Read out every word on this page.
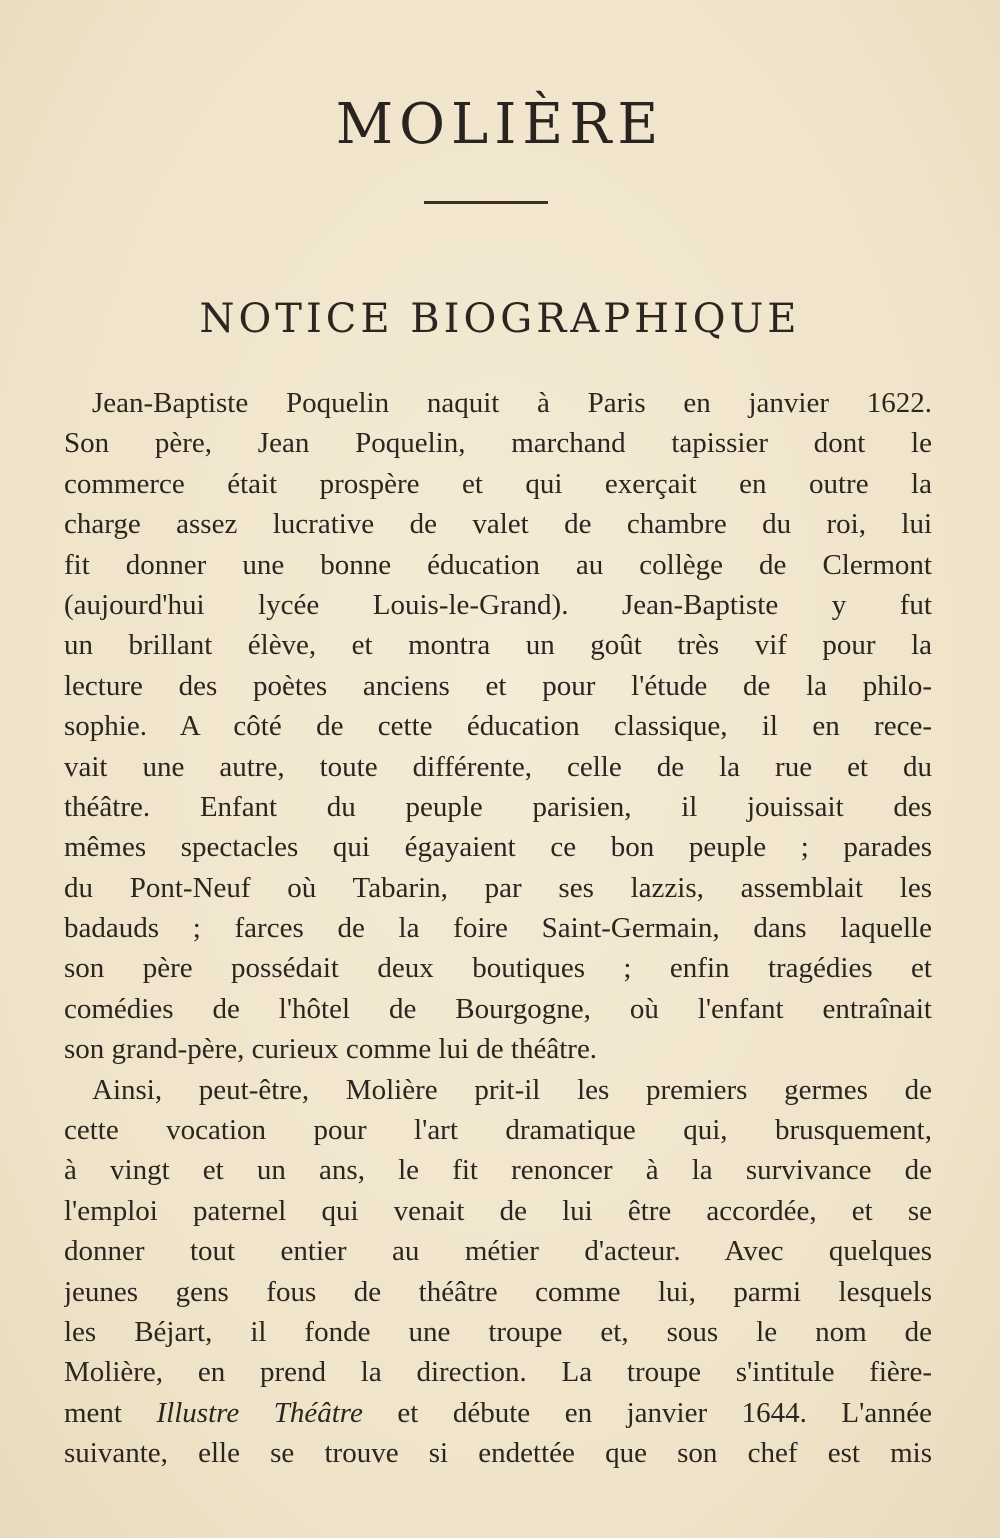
MOLIÈRE
NOTICE BIOGRAPHIQUE
Jean-Baptiste Poquelin naquit à Paris en janvier 1622.
Son père, Jean Poquelin, marchand tapissier dont le
commerce était prospère et qui exerçait en outre la
charge assez lucrative de valet de chambre du roi, lui
fit donner une bonne éducation au collège de Clermont
(aujourd'hui lycée Louis-le-Grand). Jean-Baptiste y fut
un brillant élève, et montra un goût très vif pour la
lecture des poètes anciens et pour l'étude de la philo-
sophie. A côté de cette éducation classique, il en rece-
vait une autre, toute différente, celle de la rue et du
théâtre. Enfant du peuple parisien, il jouissait des
mêmes spectacles qui égayaient ce bon peuple ; parades
du Pont-Neuf où Tabarin, par ses lazzis, assemblait les
badauds ; farces de la foire Saint-Germain, dans laquelle
son père possédait deux boutiques ; enfin tragédies et
comédies de l'hôtel de Bourgogne, où l'enfant entraînait
son grand-père, curieux comme lui de théâtre.
Ainsi, peut-être, Molière prit-il les premiers germes de
cette vocation pour l'art dramatique qui, brusquement,
à vingt et un ans, le fit renoncer à la survivance de
l'emploi paternel qui venait de lui être accordée, et se
donner tout entier au métier d'acteur. Avec quelques
jeunes gens fous de théâtre comme lui, parmi lesquels
les Béjart, il fonde une troupe et, sous le nom de
Molière, en prend la direction. La troupe s'intitule fière-
ment Illustre Théâtre et débute en janvier 1644. L'année
suivante, elle se trouve si endettée que son chef est mis
